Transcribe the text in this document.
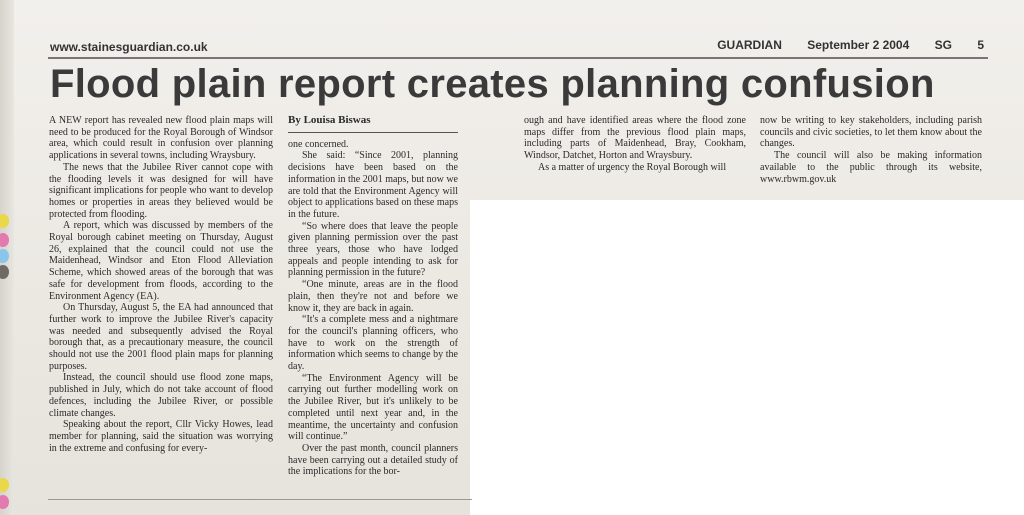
www.stainesguardian.co.uk	GUARDIAN September 2 2004 SG 5
Flood plain report creates planning confusion

A NEW report has revealed new flood plain maps will need to be produced for the Royal Borough of Windsor area, which could result in confusion over planning applications in several towns, including Wraysbury.

The news that the Jubilee River cannot cope with the flooding levels it was designed for will have significant implications for people who want to develop homes or properties in areas they believed would be protected from flooding.

A report, which was discussed by members of the Royal borough cabinet meeting on Thursday, August 26, explained that the council could not use the Maidenhead, Windsor and Eton Flood Alleviation Scheme, which showed areas of the borough that was safe for development from floods, according to the Environment Agency (EA).

On Thursday, August 5, the EA had announced that further work to improve the Jubilee River's capacity was needed and subsequently advised the Royal borough that, as a precautionary measure, the council should not use the 2001 flood plain maps for planning purposes.

Instead, the council should use flood zone maps, published in July, which do not take account of flood defences, including the Jubilee River, or possible climate changes.

Speaking about the report, Cllr Vicky Howes, lead member for planning, said the situation was worrying in the extreme and confusing for every-

By Louisa Biswas

one concerned.

She said: “Since 2001, planning decisions have been based on the information in the 2001 maps, but now we are told that the Environment Agency will object to applications based on these maps in the future.

“So where does that leave the people given planning permission over the past three years, those who have lodged appeals and people intending to ask for planning permission in the future?

“One minute, areas are in the flood plain, then they're not and before we know it, they are back in again.

“It's a complete mess and a nightmare for the council's planning officers, who have to work on the strength of information which seems to change by the day.

“The Environment Agency will be carrying out further modelling work on the Jubilee River, but it's unlikely to be completed until next year and, in the meantime, the uncertainty and confusion will continue.”

Over the past month, council planners have been carrying out a detailed study of the implications for the bor-

ough and have identified areas where the flood zone maps differ from the previous flood plain maps, including parts of Maidenhead, Bray, Cookham, Windsor, Datchet, Horton and Wraysbury.

As a matter of urgency the Royal Borough will

now be writing to key stakeholders, including parish councils and civic societies, to let them know about the changes.

The council will also be making information available to the public through its website, www.rbwm.gov.uk
